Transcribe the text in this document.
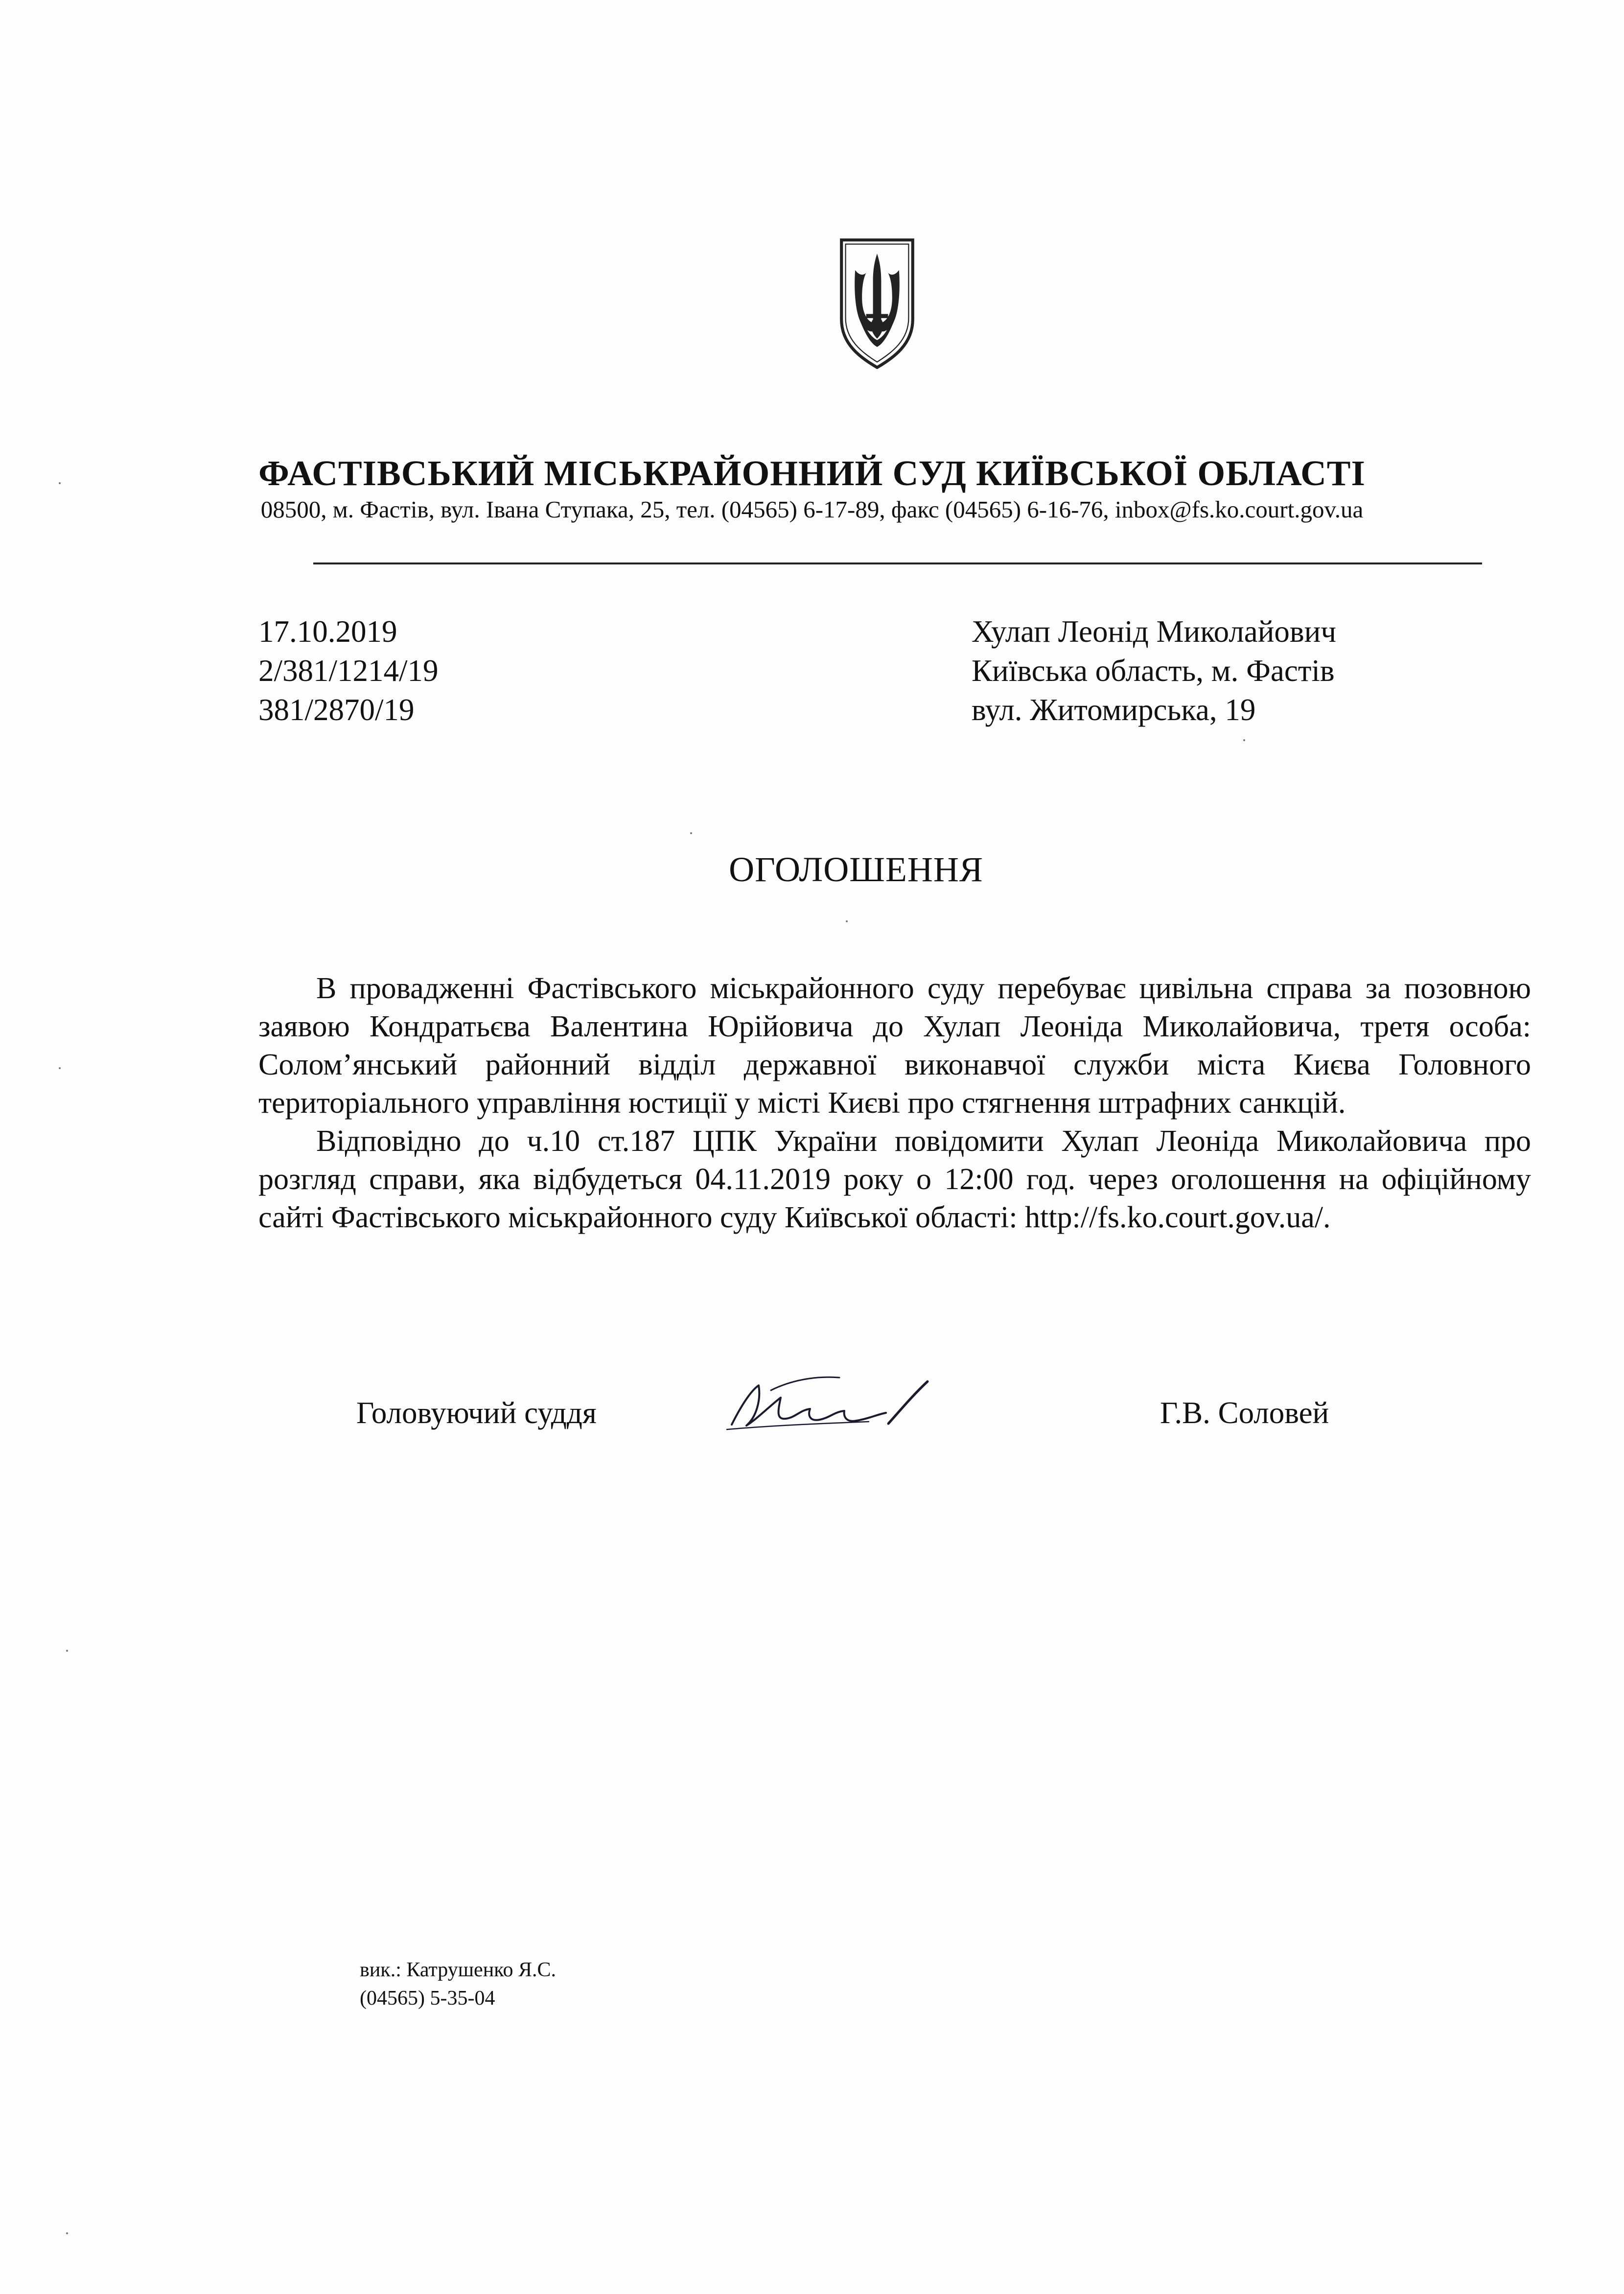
ФАСТІВСЬКИЙ МІСЬКРАЙОННИЙ СУД КИЇВСЬКОЇ ОБЛАСТІ
08500, м. Фастів, вул. Івана Ступака, 25, тел. (04565) 6-17-89, факс (04565) 6-16-76, inbox@fs.ko.court.gov.ua
17.10.2019
2/381/1214/19
381/2870/19
Хулап Леонід Миколайович
Київська область, м. Фастів
вул. Житомирська, 19
ОГОЛОШЕННЯ

В провадженні Фастівського міськрайонного суду перебуває цивільна справа за позовною заявою Кондратьєва Валентина Юрійовича до Хулап Леоніда Миколайовича, третя особа: Солом’янський районний відділ державної виконавчої служби міста Києва Головного територіального управління юстиції у місті Києві про стягнення штрафних санкцій.

Відповідно до ч.10 ст.187 ЦПК України повідомити Хулап Леоніда Миколайовича про розгляд справи, яка відбудеться 04.11.2019 року о 12:00 год. через оголошення на офіційному сайті Фастівського міськрайонного суду Київської області: http://fs.ko.court.gov.ua/.

Головуючий суддя	Г.В. Соловей
вик.: Катрушенко Я.С.
(04565) 5-35-04
